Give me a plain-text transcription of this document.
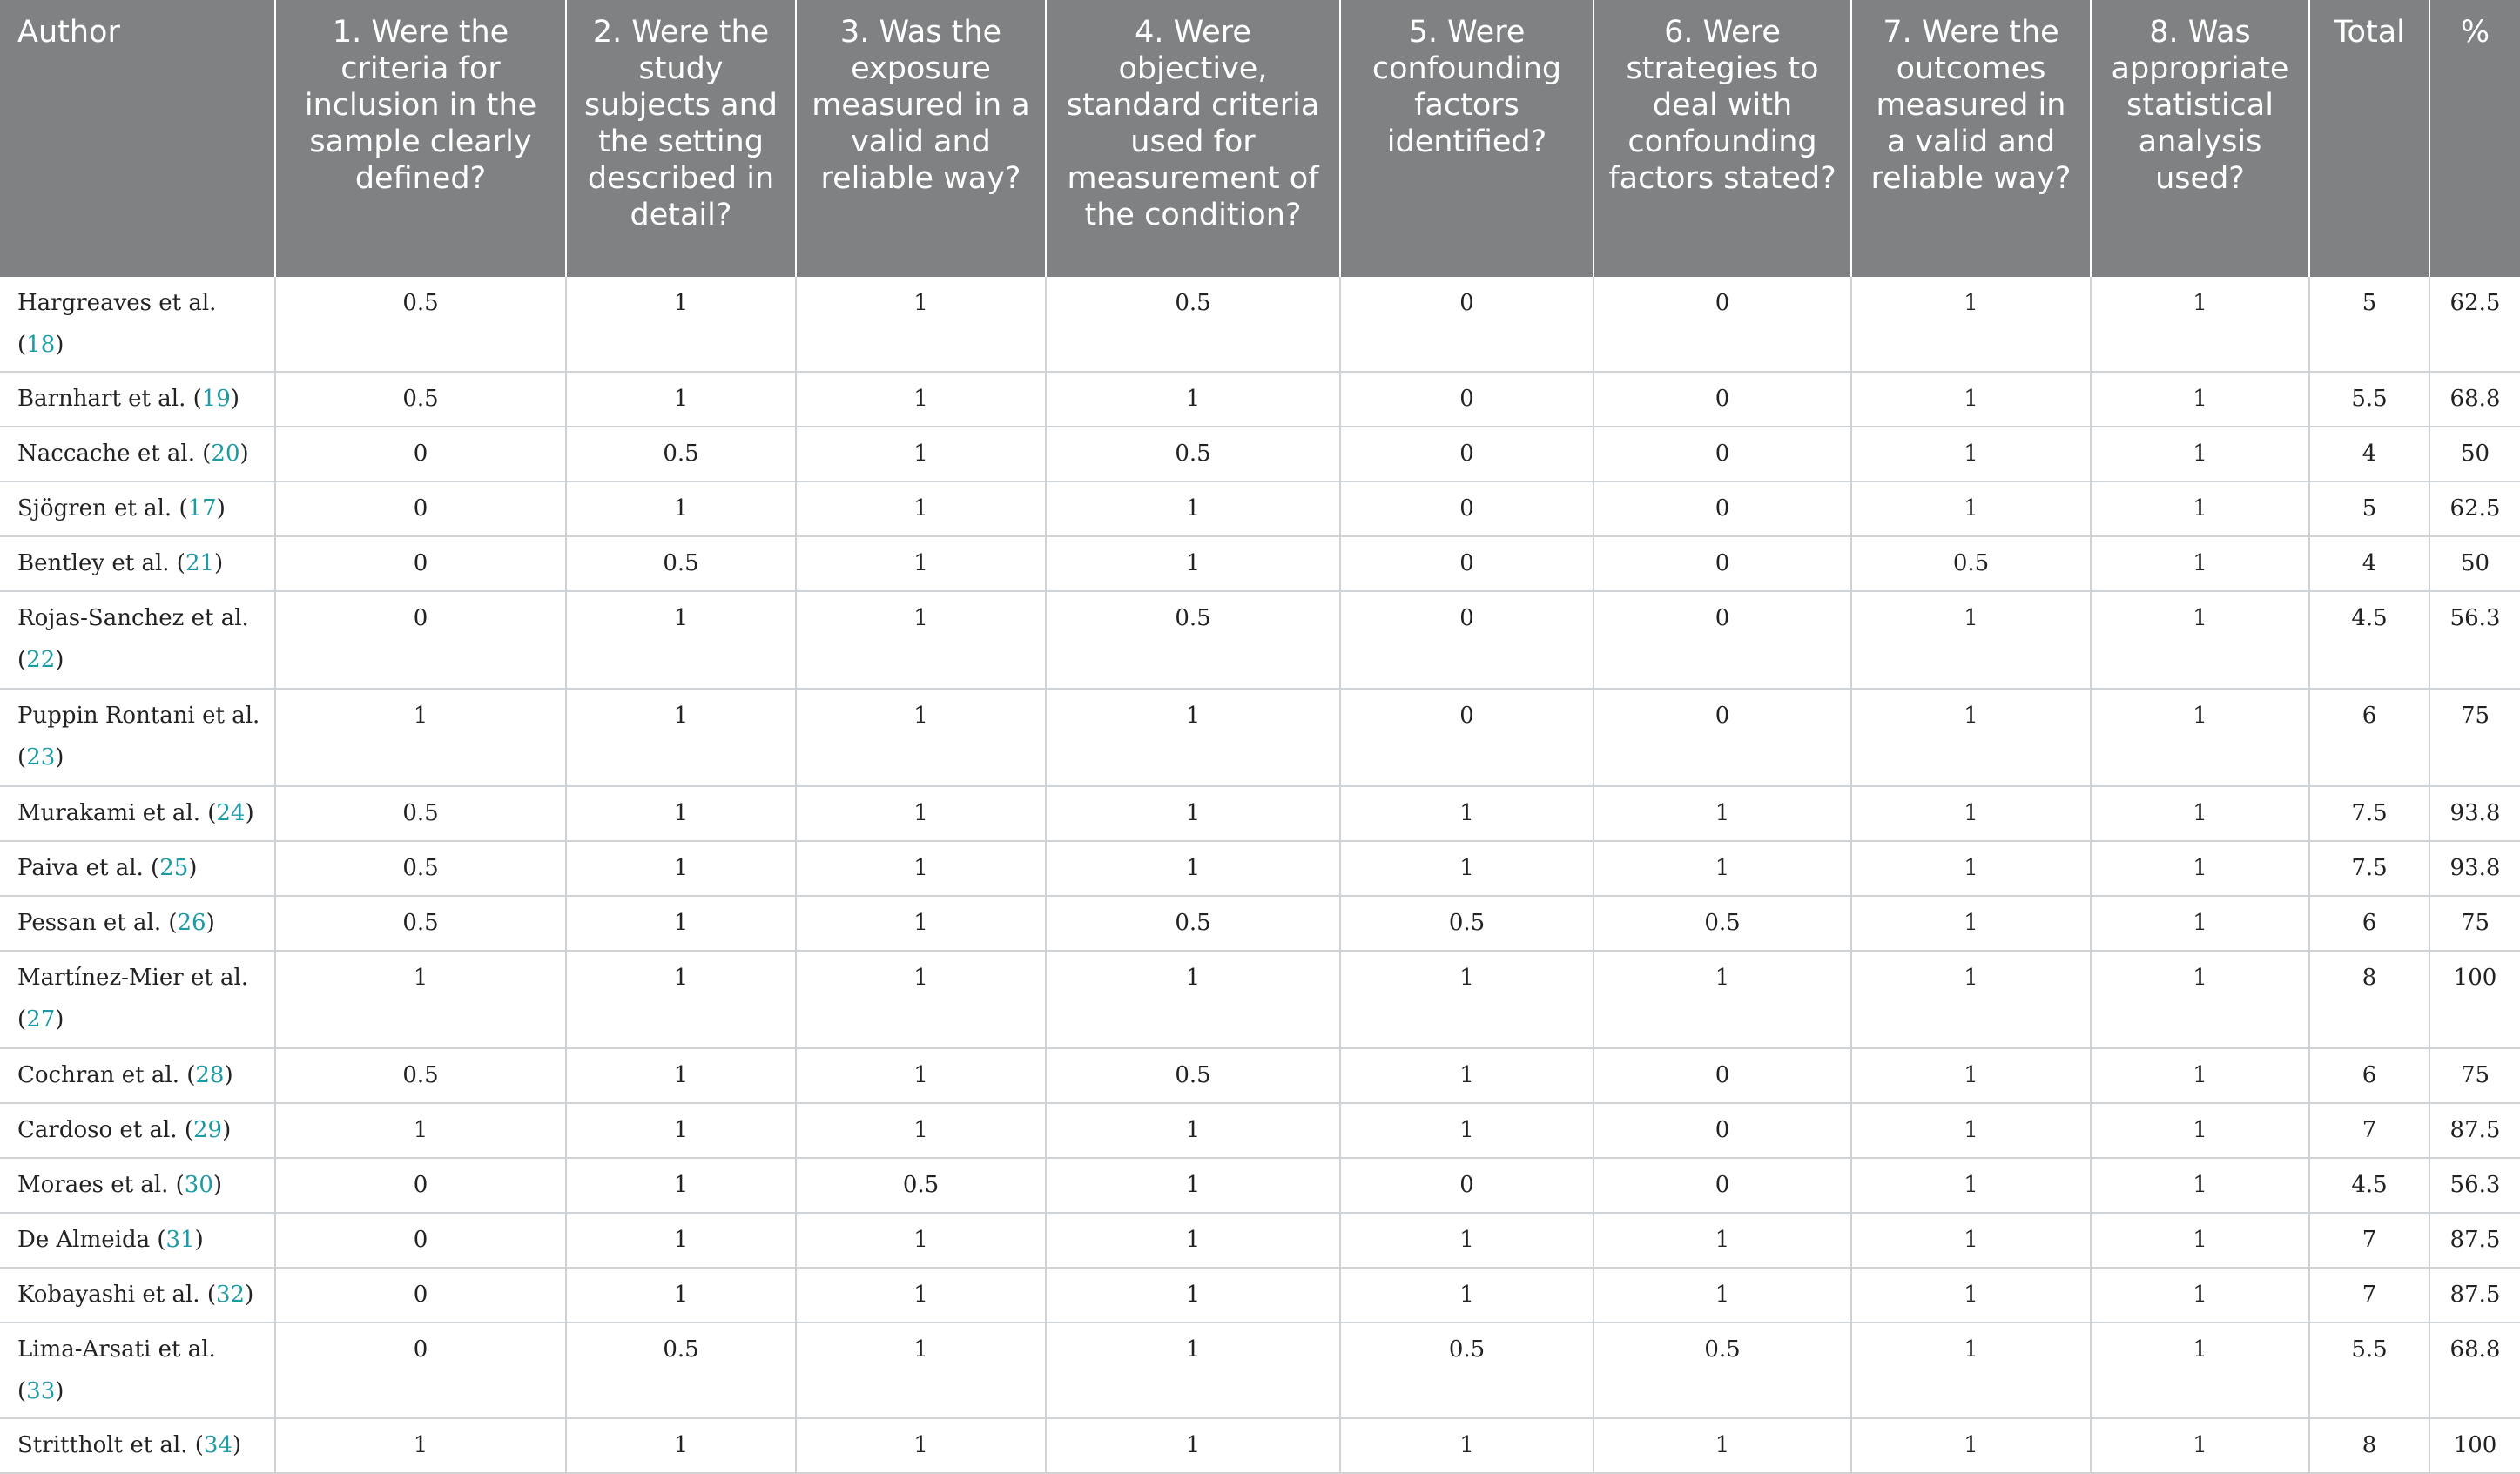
Author	1. Were the criteria for inclusion in the sample clearly defined?	2. Were the study subjects and the setting described in detail?	3. Was the exposure measured in a valid and reliable way?	4. Were objective, standard criteria used for measurement of the condition?	5. Were confounding factors identified?	6. Were strategies to deal with confounding factors stated?	7. Were the outcomes measured in a valid and reliable way?	8. Was appropriate statistical analysis used?	Total	%
Hargreaves et al. (18)	0.5	1	1	0.5	0	0	1	1	5	62.5
Barnhart et al. (19)	0.5	1	1	1	0	0	1	1	5.5	68.8
Naccache et al. (20)	0	0.5	1	0.5	0	0	1	1	4	50
Sjögren et al. (17)	0	1	1	1	0	0	1	1	5	62.5
Bentley et al. (21)	0	0.5	1	1	0	0	0.5	1	4	50
Rojas-Sanchez et al. (22)	0	1	1	0.5	0	0	1	1	4.5	56.3
Puppin Rontani et al. (23)	1	1	1	1	0	0	1	1	6	75
Murakami et al. (24)	0.5	1	1	1	1	1	1	1	7.5	93.8
Paiva et al. (25)	0.5	1	1	1	1	1	1	1	7.5	93.8
Pessan et al. (26)	0.5	1	1	0.5	0.5	0.5	1	1	6	75
Martínez-Mier et al. (27)	1	1	1	1	1	1	1	1	8	100
Cochran et al. (28)	0.5	1	1	0.5	1	0	1	1	6	75
Cardoso et al. (29)	1	1	1	1	1	0	1	1	7	87.5
Moraes et al. (30)	0	1	0.5	1	0	0	1	1	4.5	56.3
De Almeida (31)	0	1	1	1	1	1	1	1	7	87.5
Kobayashi et al. (32)	0	1	1	1	1	1	1	1	7	87.5
Lima-Arsati et al. (33)	0	0.5	1	1	0.5	0.5	1	1	5.5	68.8
Strittholt et al. (34)	1	1	1	1	1	1	1	1	8	100
